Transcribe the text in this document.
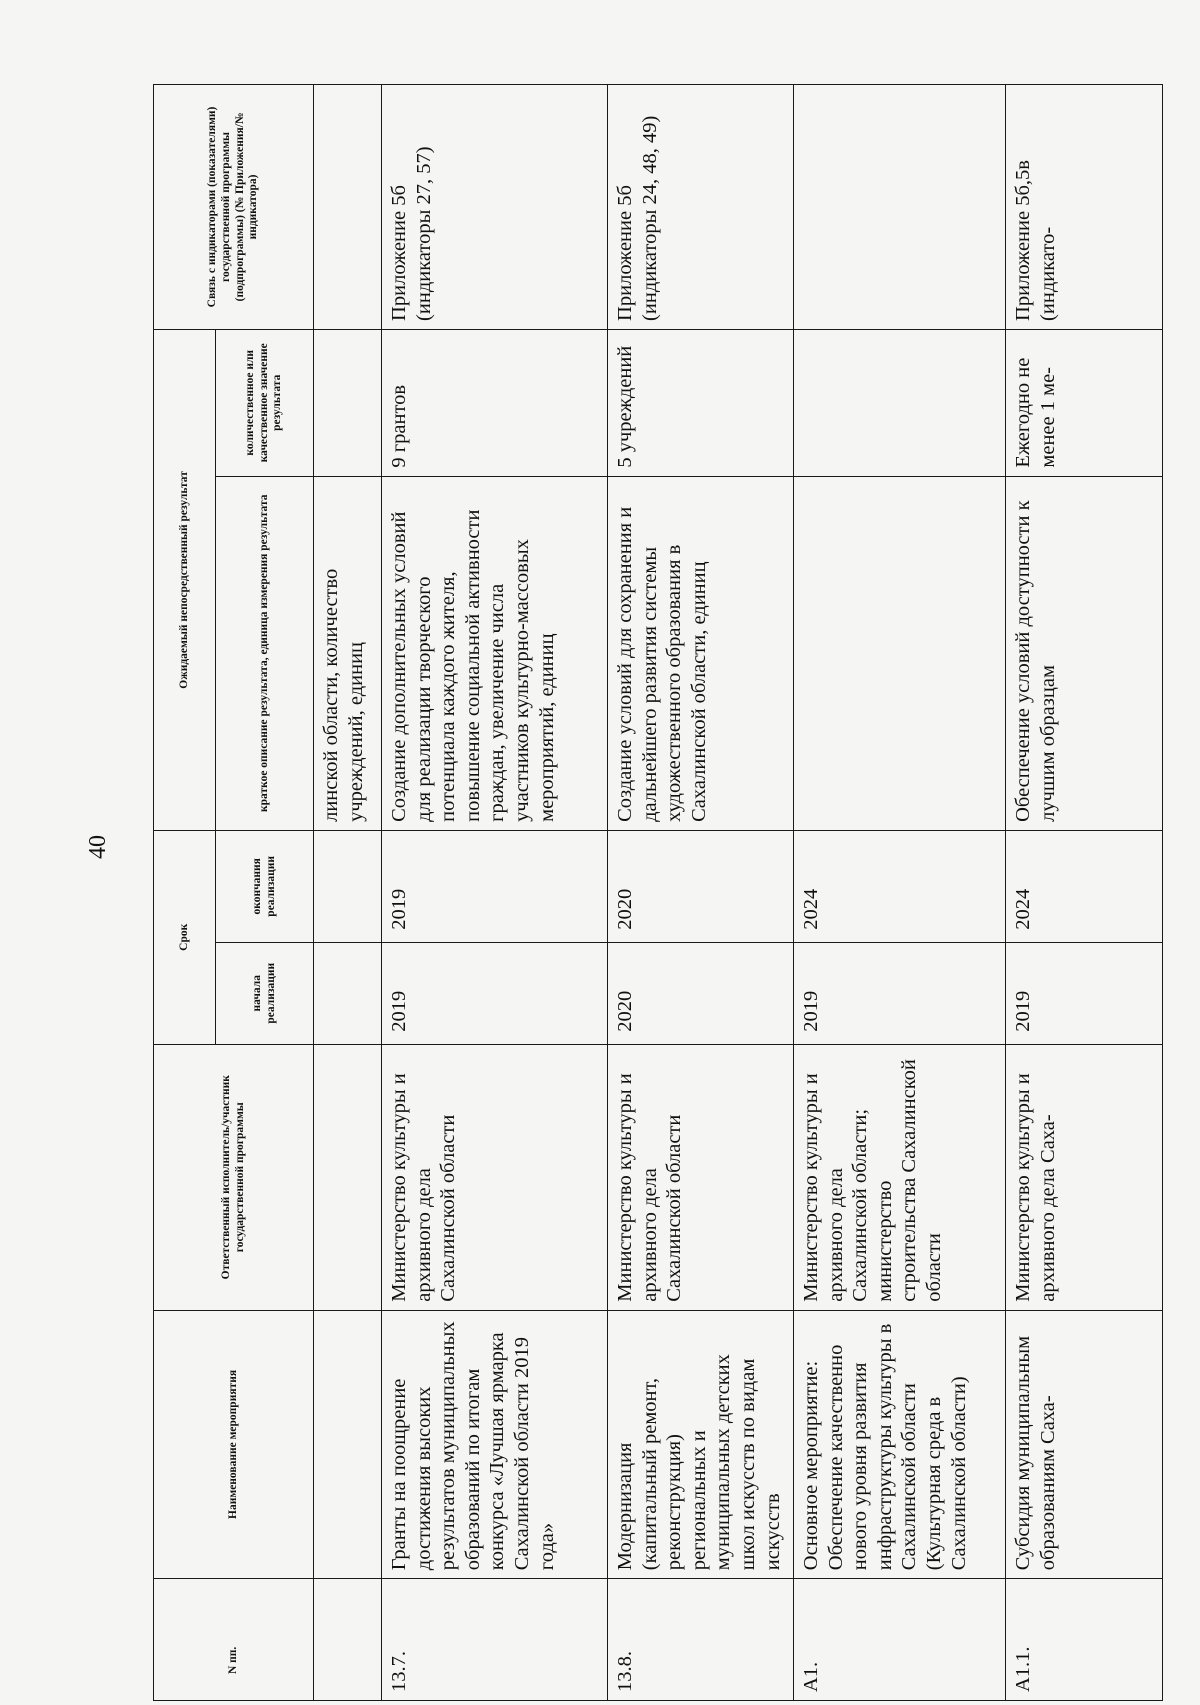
40
N пп.	Наименование мероприятия	Ответственный исполнитель/участник государственной программы	Срок		Ожидаемый непосредственный результат		Связь с индикаторами (показателями) государственной программы (подпрограммы) (№ Приложения/№ индикатора)
			начала реализации	окончания реализации	краткое описание результата, единица измерения результата	количественное или качественное значение результата	
					линской области, количество учреждений, единиц		
13.7.	Гранты на поощрение достижения высоких результатов муниципальных образований по итогам конкурса «Лучшая ярмарка Сахалинской области 2019 года»	Министерство культуры и архивного дела Сахалинской области	2019	2019	Создание дополнительных условий для реализации творческого потенциала каждого жителя, повышение социальной активности граждан, увеличение числа участников культурно-массовых мероприятий, единиц	9 грантов	Приложение 5б (индикаторы 27, 57)
13.8.	Модернизация (капитальный ремонт, реконструкция) региональных и муниципальных детских школ искусств по видам искусств	Министерство культуры и архивного дела Сахалинской области	2020	2020	Создание условий для сохранения и дальнейшего развития системы художественного образования в Сахалинской области, единиц	5 учреждений	Приложение 5б (индикаторы 24, 48, 49)
А1.	Основное мероприятие: Обеспечение качественно нового уровня развития инфраструктуры культуры в Сахалинской области (Культурная среда в Сахалинской области)	Министерство культуры и архивного дела Сахалинской области; министерство строительства Сахалинской области	2019	2024			
А1.1.	Субсидия муниципальным образованиям Саха-	Министерство культуры и архивного дела Саха-	2019	2024	Обеспечение условий доступности к лучшим образцам	Ежегодно не менее 1 ме-	Приложение 5б,5в (индикато-
